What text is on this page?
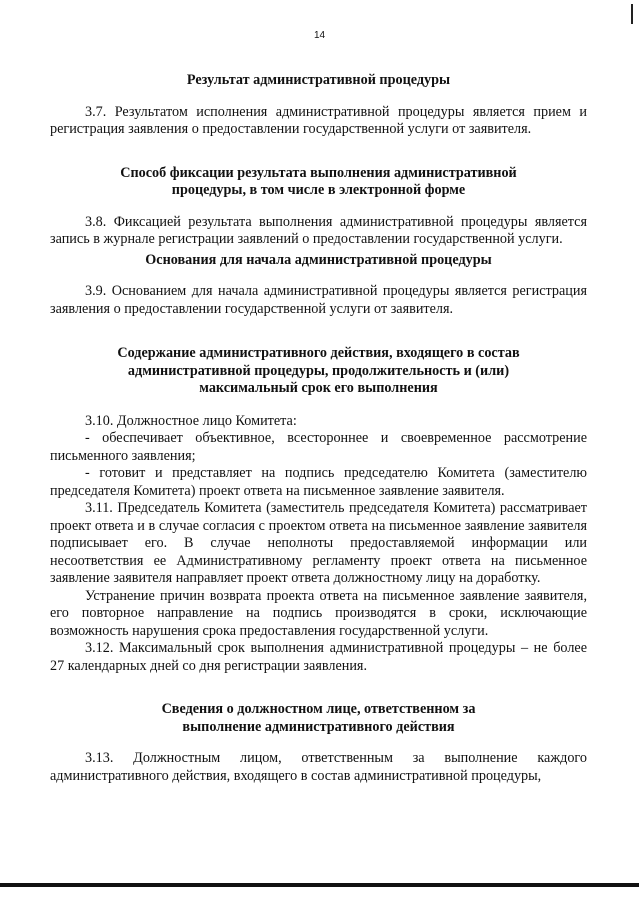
14

Результат административной процедуры

3.7. Результатом исполнения административной процедуры является прием и регистрация заявления о предоставлении государственной услуги от заявителя.

Способ фиксации результата выполнения административной процедуры, в том числе в электронной форме

3.8. Фиксацией результата выполнения административной процедуры является запись в журнале регистрации заявлений о предоставлении государственной услуги.

Основания для начала административной процедуры

3.9. Основанием для начала административной процедуры является регистрация заявления о предоставлении государственной услуги от заявителя.

Содержание административного действия, входящего в состав административной процедуры, продолжительность и (или) максимальный срок его выполнения

3.10. Должностное лицо Комитета:

- обеспечивает объективное, всестороннее и своевременное рассмотрение письменного заявления;

- готовит и представляет на подпись председателю Комитета (заместителю председателя Комитета) проект ответа на письменное заявление заявителя.

3.11. Председатель Комитета (заместитель председателя Комитета) рассматривает проект ответа и в случае согласия с проектом ответа на письменное заявление заявителя подписывает его. В случае неполноты предоставляемой информации или несоответствия ее Административному регламенту проект ответа на письменное заявление заявителя направляет проект ответа должностному лицу на доработку.

Устранение причин возврата проекта ответа на письменное заявление заявителя, его повторное направление на подпись производятся в сроки, исключающие возможность нарушения срока предоставления государственной услуги.

3.12. Максимальный срок выполнения административной процедуры – не более 27 календарных дней со дня регистрации заявления.

Сведения о должностном лице, ответственном за выполнение административного действия

3.13. Должностным лицом, ответственным за выполнение каждого административного действия, входящего в состав административной процедуры,
